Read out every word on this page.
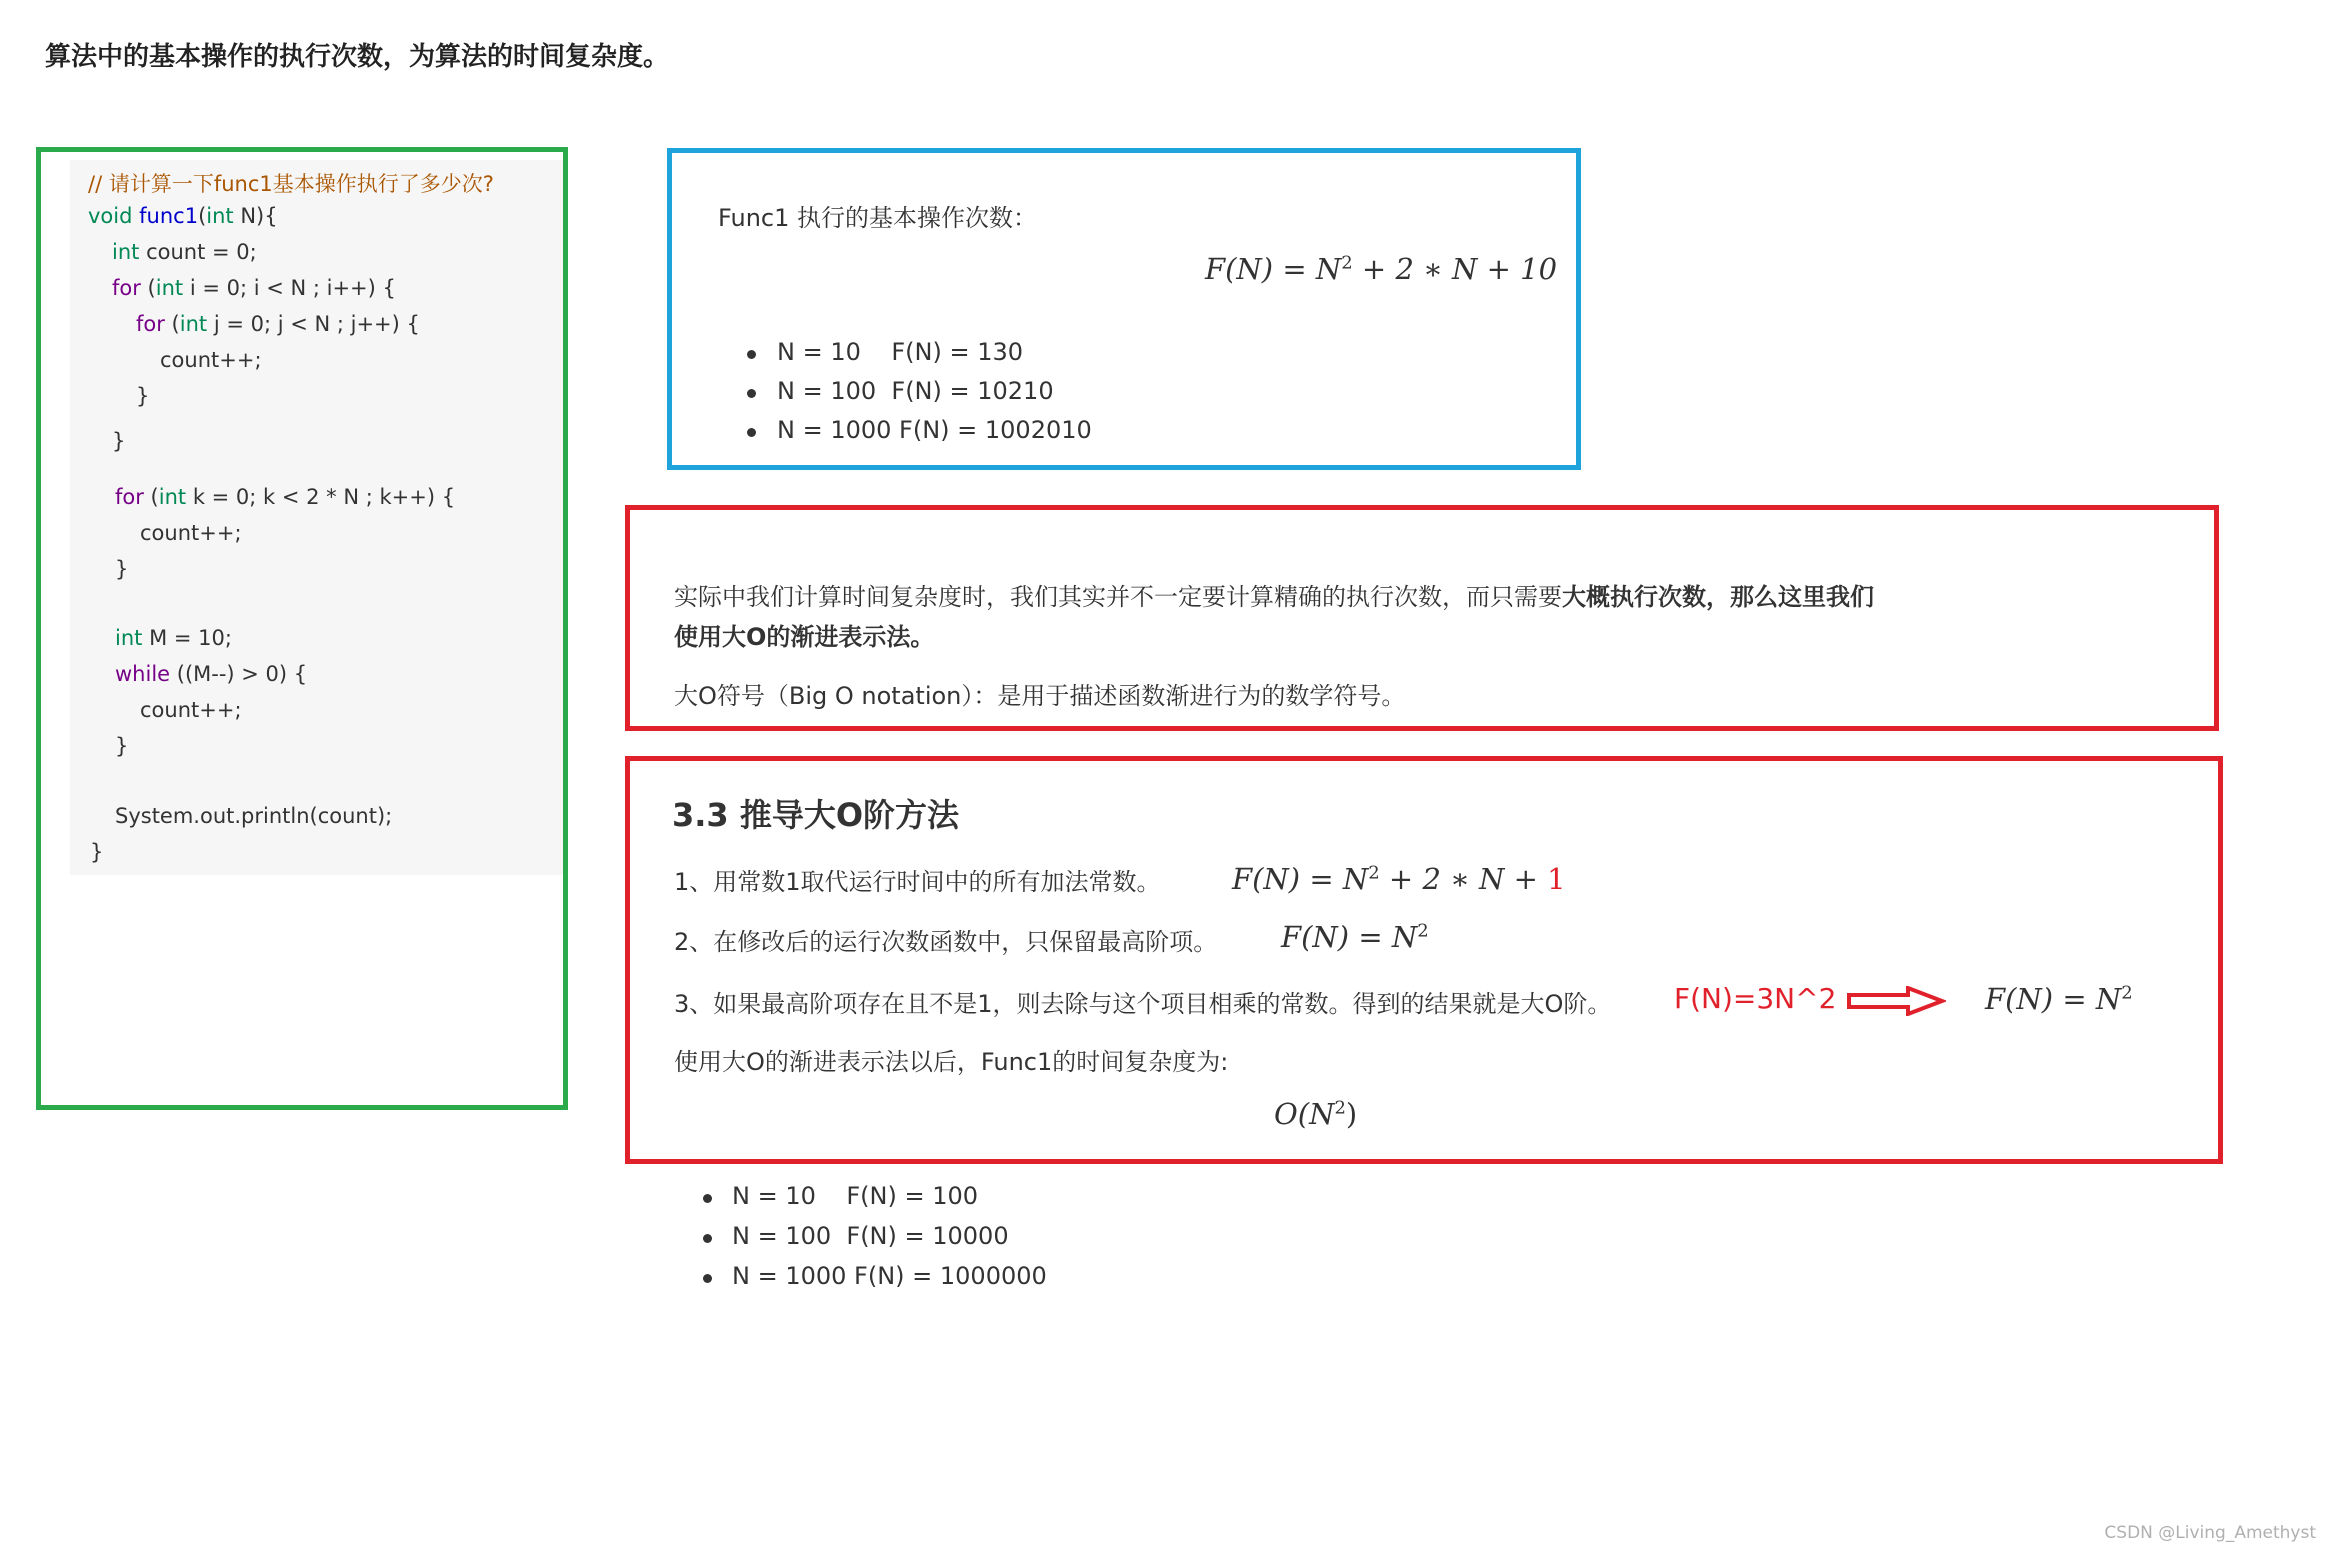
算法中的基本操作的执行次数，为算法的时间复杂度。
// 请计算一下func1基本操作执行了多少次?
void func1(int N){
int count = 0;
for (int i = 0; i < N ; i++) {
for (int j = 0; j < N ; j++) {
count++;
}
}
for (int k = 0; k < 2 * N ; k++) {
count++;
}
int M = 10;
while ((M--) > 0) {
count++;
}
System.out.println(count);
}
Func1 执行的基本操作次数：
$F(N) = N^2 + 2$ ∗ N + 10
N = 10    F(N) = 130
N = 100  F(N) = 10210
N = 1000 F(N) = 1002010
实际中我们计算时间复杂度时，我们其实并不一定要计算精确的执行次数，而只需要大概执行次数，那么这里我们
使用大O的渐进表示法。
大O符号（Big O notation）：是用于描述函数渐进行为的数学符号。
3.3 推导大O阶方法
1、用常数1取代运行时间中的所有加法常数。 $F(N) = N^2 + 2$ ∗ N + 1
2、在修改后的运行次数函数中，只保留最高阶项。 $F(N) = N^2$
3、如果最高阶项存在且不是1，则去除与这个项目相乘的常数。得到的结果就是大O阶。 F(N)=3N^2	$F(N) = N^2$
使用大O的渐进表示法以后，Func1的时间复杂度为:
$O(N^2)$
N = 10    F(N) = 100
N = 100  F(N) = 10000
N = 1000 F(N) = 1000000
CSDN @Living_Amethyst
